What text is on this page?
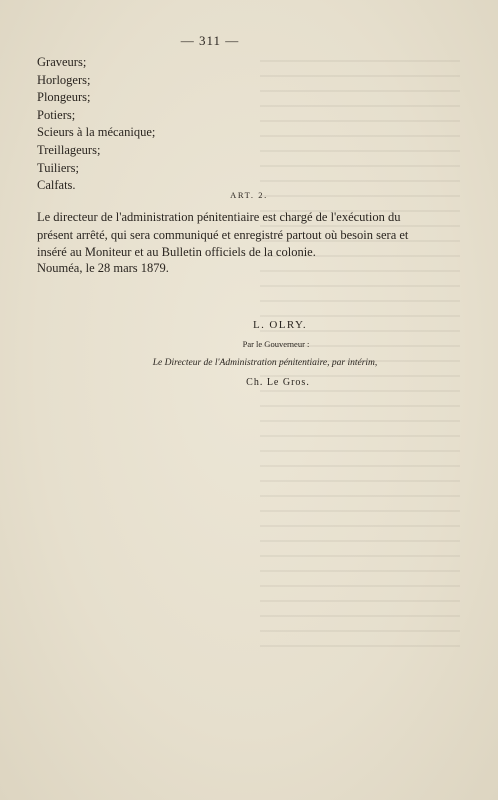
— 311 —
Graveurs;
Horlogers;
Plongeurs;
Potiers;
Scieurs à la mécanique;
Treillageurs;
Tuiliers;
Calfats.
ART. 2.

Le directeur de l'administration pénitentiaire est chargé de l'exécution du présent arrêté, qui sera communiqué et enregistré partout où besoin sera et inséré au Moniteur et au Bulletin officiels de la colonie.

Nouméa, le 28 mars 1879.
L. OLRY.
Par le Gouverneur :
Le Directeur de l'Administration pénitentiaire, par intérim,
Ch. Le Gros.
